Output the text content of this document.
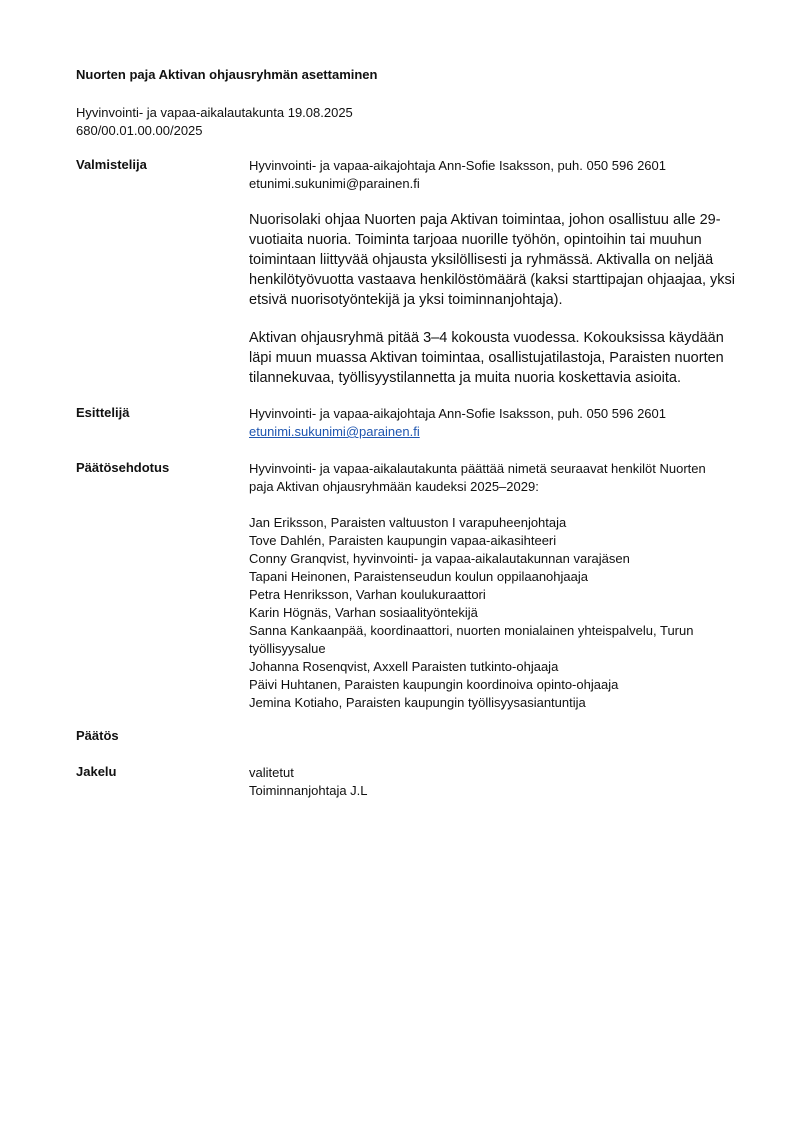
Nuorten paja Aktivan ohjausryhmän asettaminen
Hyvinvointi- ja vapaa-aikalautakunta 19.08.2025
680/00.01.00.00/2025
Valmistelija	Hyvinvointi- ja vapaa-aikajohtaja Ann-Sofie Isaksson, puh. 050 596 2601
etunimi.sukunimi@parainen.fi

Nuorisolaki ohjaa Nuorten paja Aktivan toimintaa, johon osallistuu alle 29-vuotiaita nuoria. Toiminta tarjoaa nuorille työhön, opintoihin tai muuhun toimintaan liittyvää ohjausta yksilöllisesti ja ryhmässä. Aktivalla on neljää henkilötyövuotta vastaava henkilöstömäärä (kaksi starttipajan ohjaajaa, yksi etsivä nuorisotyöntekijä ja yksi toiminnanjohtaja).

Aktivan ohjausryhmä pitää 3–4 kokousta vuodessa. Kokouksissa käydään läpi muun muassa Aktivan toimintaa, osallistujatilastoja, Paraisten nuorten tilannekuvaa, työllisyystilannetta ja muita nuoria koskettavia asioita.

Esittelijä	Hyvinvointi- ja vapaa-aikajohtaja Ann-Sofie Isaksson, puh. 050 596 2601
etunimi.sukunimi@parainen.fi
Päätösehdotus	Hyvinvointi- ja vapaa-aikalautakunta päättää nimetä seuraavat henkilöt Nuorten
paja Aktivan ohjausryhmään kaudeksi 2025–2029:
Jan Eriksson, Paraisten valtuuston I varapuheenjohtaja
Tove Dahlén, Paraisten kaupungin vapaa-aikasihteeri
Conny Granqvist, hyvinvointi- ja vapaa-aikalautakunnan varajäsen
Tapani Heinonen, Paraistenseudun koulun oppilaanohjaaja
Petra Henriksson, Varhan koulukuraattori
Karin Högnäs, Varhan sosiaalityöntekijä
Sanna Kankaanpää, koordinaattori, nuorten monialainen yhteispalvelu, Turun
työllisyysalue
Johanna Rosenqvist, Axxell Paraisten tutkinto-ohjaaja
Päivi Huhtanen, Paraisten kaupungin koordinoiva opinto-ohjaaja
Jemina Kotiaho, Paraisten kaupungin työllisyysasiantuntija
Päätös
Jakelu	valitetut
Toiminnanjohtaja J.L
